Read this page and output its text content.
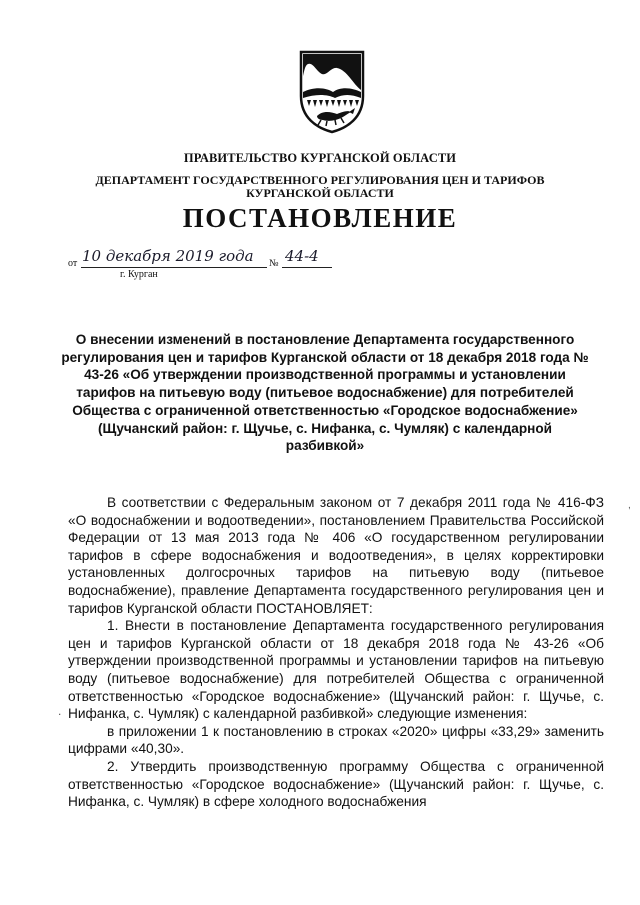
ПРАВИТЕЛЬСТВО КУРГАНСКОЙ ОБЛАСТИ
ДЕПАРТАМЕНТ ГОСУДАРСТВЕННОГО РЕГУЛИРОВАНИЯ ЦЕН И ТАРИФОВ
КУРГАНСКОЙ ОБЛАСТИ
ПОСТАНОВЛЕНИЕ
от 10 декабря 2019 года № 44-4
г. Курган
О внесении изменений в постановление Департамента государственного регулирования цен и тарифов Курганской области от 18 декабря 2018 года № 43-26 «Об утверждении производственной программы и установлении тарифов на питьевую воду (питьевое водоснабжение) для потребителей Общества с ограниченной ответственностью «Городское водоснабжение» (Щучанский район: г. Щучье, с. Нифанка, с. Чумляк) с календарной разбивкой»

В соответствии с Федеральным законом от 7 декабря 2011 года № 416-ФЗ «О водоснабжении и водоотведении», постановлением Правительства Российской Федерации от 13 мая 2013 года № 406 «О государственном регулировании тарифов в сфере водоснабжения и водоотведения», в целях корректировки установленных долгосрочных тарифов на питьевую воду (питьевое водоснабжение), правление Департамента государственного регулирования цен и тарифов Курганской области ПОСТАНОВЛЯЕТ:

1. Внести в постановление Департамента государственного регулирования цен и тарифов Курганской области от 18 декабря 2018 года № 43-26 «Об утверждении производственной программы и установлении тарифов на питьевую воду (питьевое водоснабжение) для потребителей Общества с ограниченной ответственностью «Городское водоснабжение» (Щучанский район: г. Щучье, с. Нифанка, с. Чумляк) с календарной разбивкой» следующие изменения:

в приложении 1 к постановлению в строках «2020» цифры «33,29» заменить цифрами «40,30».

2. Утвердить производственную программу Общества с ограниченной ответственностью «Городское водоснабжение» (Щучанский район: г. Щучье, с. Нифанка, с. Чумляк) в сфере холодного водоснабжения

,
.
